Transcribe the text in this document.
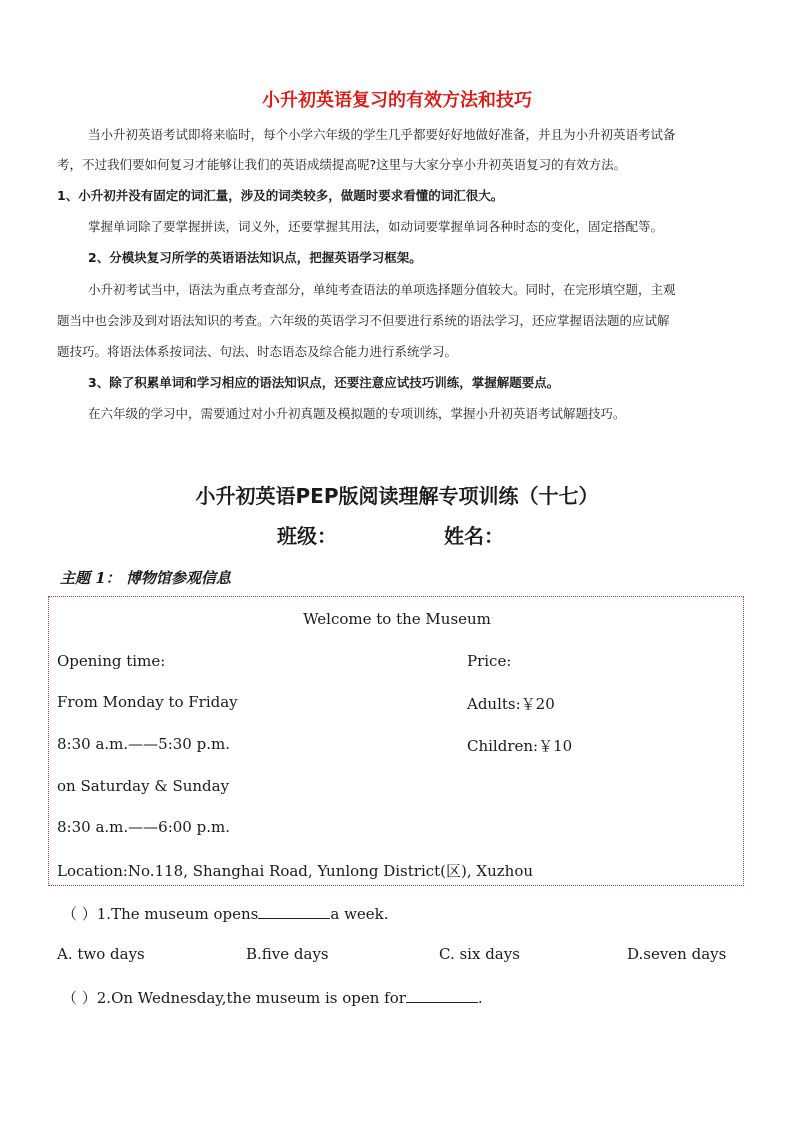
小升初英语复习的有效方法和技巧
当小升初英语考试即将来临时，每个小学六年级的学生几乎都要好好地做好准备，并且为小升初英语考试备
考，不过我们要如何复习才能够让我们的英语成绩提高呢?这里与大家分享小升初英语复习的有效方法。
1、小升初并没有固定的词汇量，涉及的词类较多，做题时要求看懂的词汇很大。
掌握单词除了要掌握拼读，词义外，还要掌握其用法，如动词要掌握单词各种时态的变化，固定搭配等。
2、分模块复习所学的英语语法知识点，把握英语学习框架。
小升初考试当中，语法为重点考查部分，单纯考查语法的单项选择题分值较大。同时，在完形填空题，主观
题当中也会涉及到对语法知识的考查。六年级的英语学习不但要进行系统的语法学习，还应掌握语法题的应试解
题技巧。将语法体系按词法、句法、时态语态及综合能力进行系统学习。
3、除了积累单词和学习相应的语法知识点，还要注意应试技巧训练，掌握解题要点。
在六年级的学习中，需要通过对小升初真题及模拟题的专项训练，掌握小升初英语考试解题技巧。
小升初英语PEP版阅读理解专项训练（十七）
班级：	姓名：
主题 1： 博物馆参观信息
Welcome to the Museum
Opening time:
From Monday to Friday
8:30 a.m.——5:30 p.m.
on Saturday & Sunday
8:30 a.m.——6:00 p.m.
Location:No.118, Shanghai Road, Yunlong District(区), Xuzhou
Price:
Adults:￥20
Children:￥10
（ ）1.The museum opens	a week.
A. two days	B.five days	C. six days	D.seven days
（ ）2.On Wednesday,the museum is open for	.
